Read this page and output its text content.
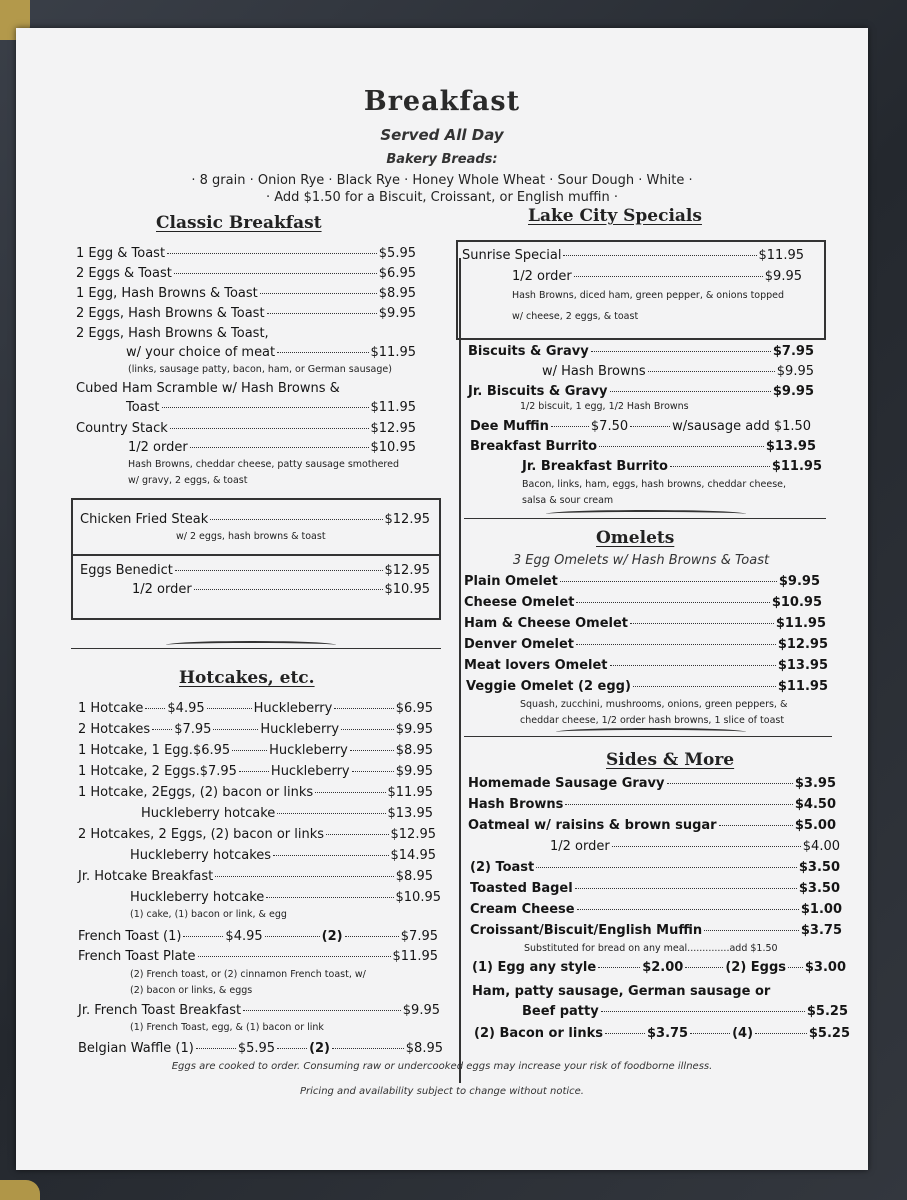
Breakfast
Served All Day
Bakery Breads:
· 8 grain · Onion Rye · Black Rye · Honey Whole Wheat · Sour Dough · White ·
· Add $1.50 for a Biscuit, Croissant, or English muffin ·
Classic Breakfast
1 Egg & Toast	$5.95
2 Eggs & Toast	$6.95
1 Egg, Hash Browns & Toast	$8.95
2 Eggs, Hash Browns & Toast	$9.95
2 Eggs, Hash Browns & Toast,
w/ your choice of meat	$11.95
(links, sausage patty, bacon, ham, or German sausage)
Cubed Ham Scramble w/ Hash Browns &
Toast	$11.95
Country Stack	$12.95
1/2 order	$10.95
Hash Browns, cheddar cheese, patty sausage smothered
w/ gravy, 2 eggs, & toast
Chicken Fried Steak	$12.95
w/ 2 eggs, hash browns & toast
Eggs Benedict	$12.95
1/2 order	$10.95
Hotcakes, etc.
1 Hotcake $4.95	Huckleberry	$6.95
2 Hotcakes $7.95	Huckleberry	$9.95
1 Hotcake, 1 Egg. $6.95	Huckleberry	$8.95
1 Hotcake, 2 Eggs. $7.95	Huckleberry	$9.95
1 Hotcake, 2Eggs, (2) bacon or links	$11.95
Huckleberry hotcake	$13.95
2 Hotcakes, 2 Eggs, (2) bacon or links	$12.95
Huckleberry hotcakes	$14.95
Jr. Hotcake Breakfast	$8.95
Huckleberry hotcake	$10.95
(1) cake, (1) bacon or link, & egg
French Toast (1)	$4.95	(2)	$7.95
French Toast Plate	$11.95
(2) French toast, or (2) cinnamon French toast, w/
(2) bacon or links, & eggs
Jr. French Toast Breakfast	$9.95
(1) French Toast, egg, & (1) bacon or link
Belgian Waffle (1)	$5.95	(2)	$8.95
Lake City Specials
Sunrise Special	$11.95
1/2 order	$9.95
Hash Browns, diced ham, green pepper, & onions topped
w/ cheese, 2 eggs, & toast
Biscuits & Gravy	$7.95
w/ Hash Browns	$9.95
Jr. Biscuits & Gravy	$9.95
1/2 biscuit, 1 egg, 1/2 Hash Browns
Dee Muffin	$7.50	w/sausage add $1.50
Breakfast Burrito	$13.95
Jr. Breakfast Burrito	$11.95
Bacon, links, ham, eggs, hash browns, cheddar cheese,
salsa & sour cream
Omelets
3 Egg Omelets w/ Hash Browns & Toast
Plain Omelet	$9.95
Cheese Omelet	$10.95
Ham & Cheese Omelet	$11.95
Denver Omelet	$12.95
Meat lovers Omelet	$13.95
Veggie Omelet (2 egg)	$11.95
Squash, zucchini, mushrooms, onions, green peppers, &
cheddar cheese, 1/2 order hash browns, 1 slice of toast
Sides & More
Homemade Sausage Gravy	$3.95
Hash Browns	$4.50
Oatmeal w/ raisins & brown sugar	$5.00
1/2 order	$4.00
(2) Toast	$3.50
Toasted Bagel	$3.50
Cream Cheese	$1.00
Croissant/Biscuit/English Muffin	$3.75
Substituted for bread on any meal..............add $1.50
(1) Egg any style	$2.00	(2) Eggs $3.00
Ham, patty sausage, German sausage or
Beef patty	$5.25
(2) Bacon or links	$3.75	(4)	$5.25
Eggs are cooked to order. Consuming raw or undercooked eggs may increase your risk of foodborne illness.
Pricing and availability subject to change without notice.
